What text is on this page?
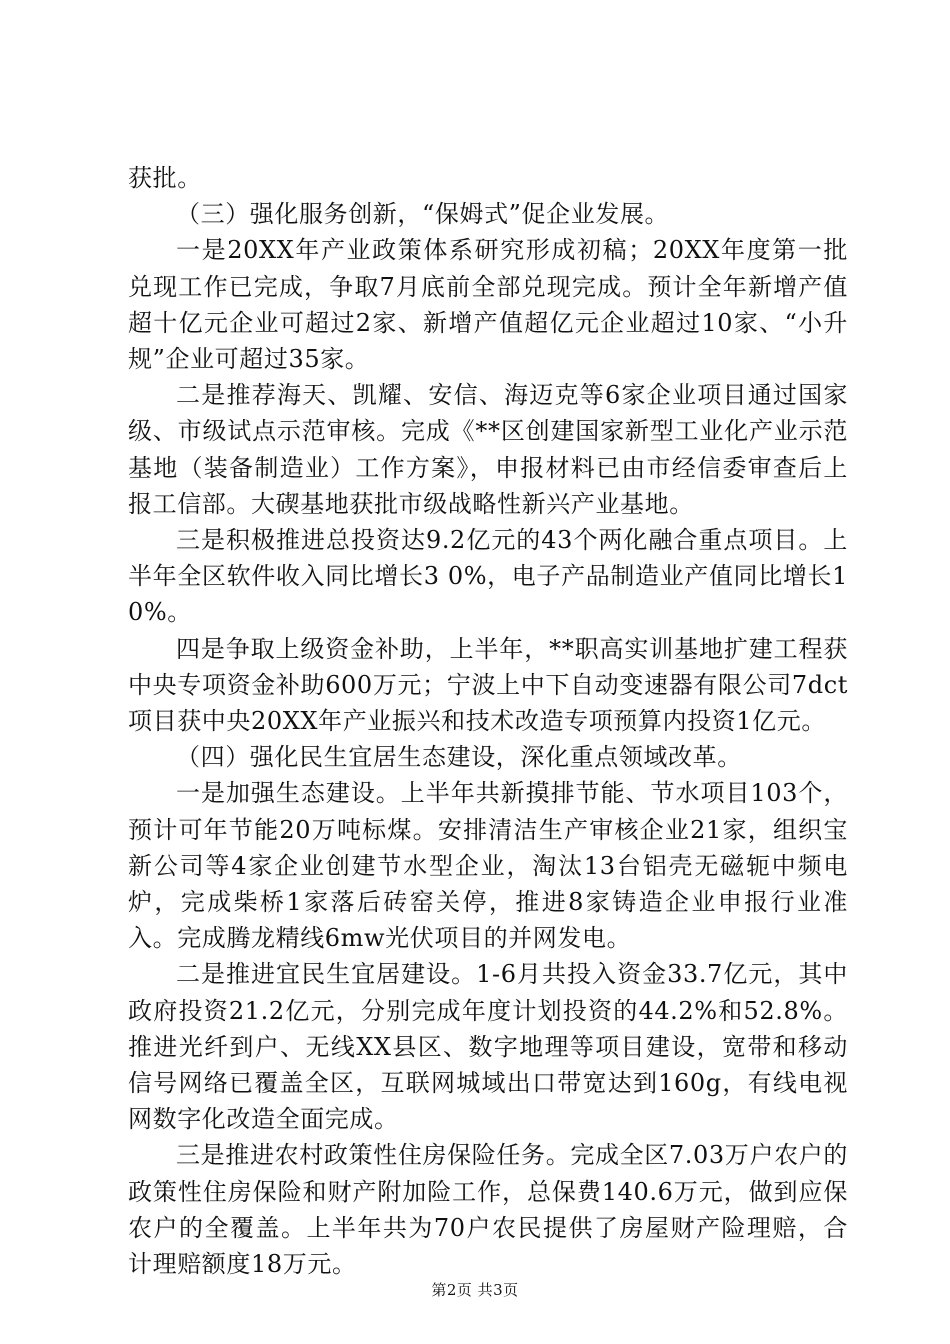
获批。

（三）强化服务创新，“保姆式”促企业发展。

一是20XX年产业政策体系研究形成初稿；20XX年度第一批兑现工作已完成，争取7月底前全部兑现完成。预计全年新增产值超十亿元企业可超过2家、新增产值超亿元企业超过10家、“小升规”企业可超过35家。

二是推荐海天、凯耀、安信、海迈克等6家企业项目通过国家级、市级试点示范审核。完成《**区创建国家新型工业化产业示范基地（装备制造业）工作方案》，申报材料已由市经信委审查后上报工信部。大碶基地获批市级战略性新兴产业基地。

三是积极推进总投资达9.2亿元的43个两化融合重点项目。上半年全区软件收入同比增长3 0%，电子产品制造业产值同比增长10%。

四是争取上级资金补助，上半年，**职高实训基地扩建工程获中央专项资金补助600万元；宁波上中下自动变速器有限公司7dct项目获中央20XX年产业振兴和技术改造专项预算内投资1亿元。

（四）强化民生宜居生态建设，深化重点领域改革。

一是加强生态建设。上半年共新摸排节能、节水项目103个，预计可年节能20万吨标煤。安排清洁生产审核企业21家，组织宝新公司等4家企业创建节水型企业，淘汰13台铝壳无磁轭中频电炉，完成柴桥1家落后砖窑关停，推进8家铸造企业申报行业准入。完成腾龙精线6mw光伏项目的并网发电。

二是推进宜民生宜居建设。1-6月共投入资金33.7亿元，其中政府投资21.2亿元，分别完成年度计划投资的44.2%和52.8%。推进光纤到户、无线XX县区、数字地理等项目建设，宽带和移动信号网络已覆盖全区，互联网城域出口带宽达到160g，有线电视网数字化改造全面完成。

三是推进农村政策性住房保险任务。完成全区7.03万户农户的政策性住房保险和财产附加险工作，总保费140.6万元，做到应保农户的全覆盖。上半年共为70户农民提供了房屋财产险理赔，合计理赔额度18万元。

第2页 共3页
